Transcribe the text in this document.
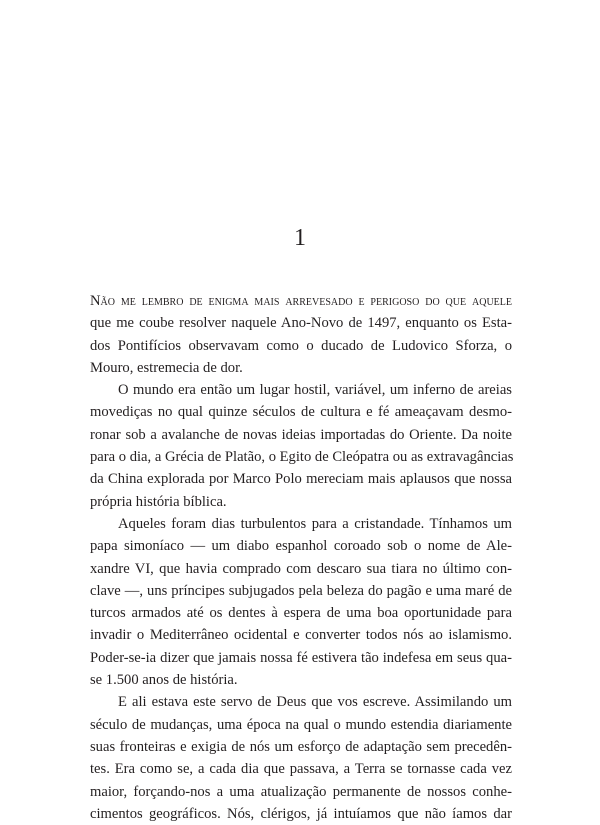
1
Não me lembro de enigma mais arrevesado e perigoso do que aquele
que me coube resolver naquele Ano-Novo de 1497, enquanto os Esta-
dos Pontifícios observavam como o ducado de Ludovico Sforza, o
Mouro, estremecia de dor.
O mundo era então um lugar hostil, variável, um inferno de areias
movediças no qual quinze séculos de cultura e fé ameaçavam desmo-
ronar sob a avalanche de novas ideias importadas do Oriente. Da noite
para o dia, a Grécia de Platão, o Egito de Cleópatra ou as extravagâncias
da China explorada por Marco Polo mereciam mais aplausos que nossa
própria história bíblica.
Aqueles foram dias turbulentos para a cristandade. Tínhamos um
papa simoníaco — um diabo espanhol coroado sob o nome de Ale-
xandre VI, que havia comprado com descaro sua tiara no último con-
clave —, uns príncipes subjugados pela beleza do pagão e uma maré de
turcos armados até os dentes à espera de uma boa oportunidade para
invadir o Mediterrâneo ocidental e converter todos nós ao islamismo.
Poder-se-ia dizer que jamais nossa fé estivera tão indefesa em seus qua-
se 1.500 anos de história.
E ali estava este servo de Deus que vos escreve. Assimilando um
século de mudanças, uma época na qual o mundo estendia diariamente
suas fronteiras e exigia de nós um esforço de adaptação sem precedên-
tes. Era como se, a cada dia que passava, a Terra se tornasse cada vez
maior, forçando-nos a uma atualização permanente de nossos conhe-
cimentos geográficos. Nós, clérigos, já intuíamos que não íamos dar
